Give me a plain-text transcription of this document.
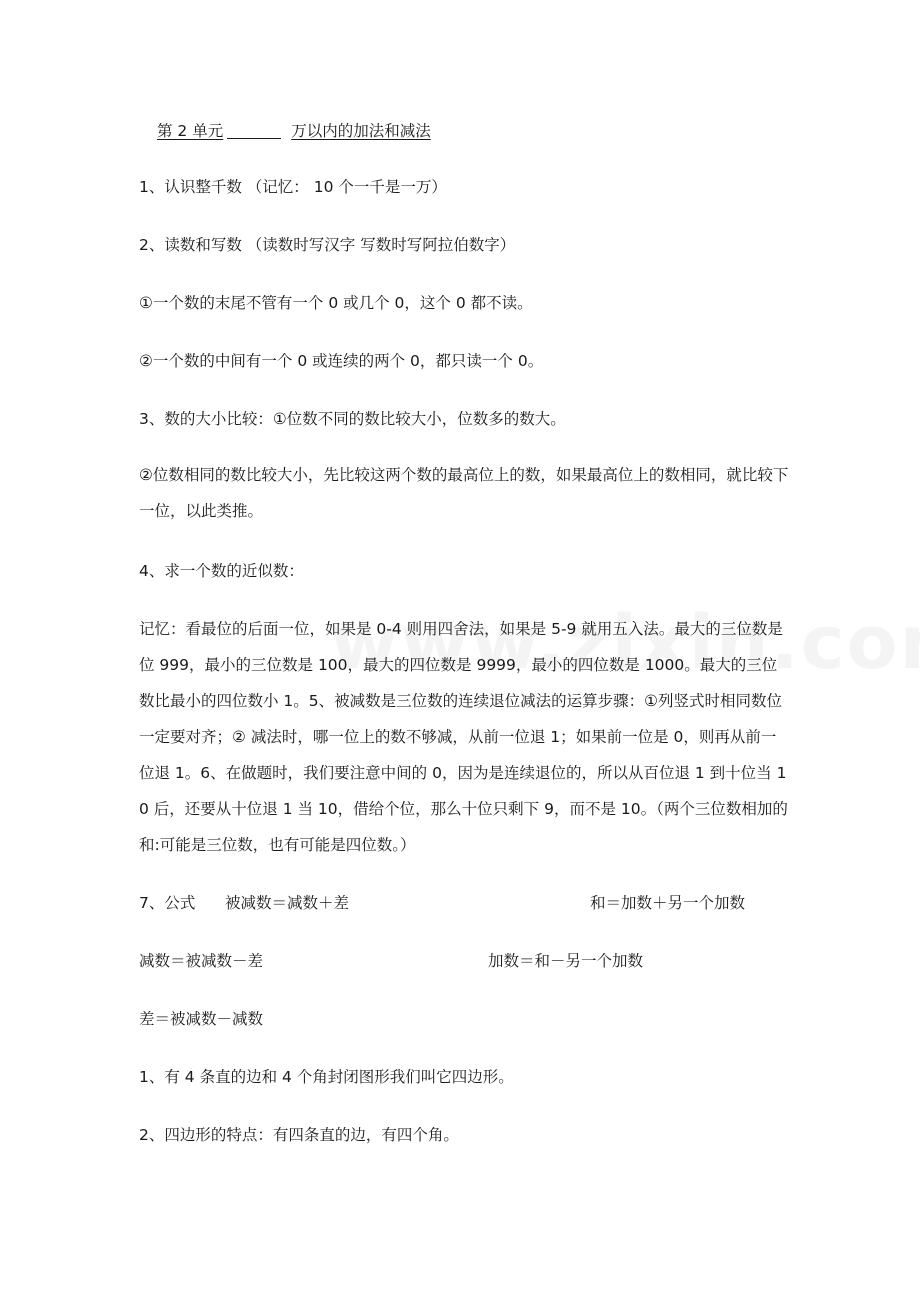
第 2 单元	万以内的加法和减法
1、认识整千数 （记忆： 10 个一千是一万）
2、读数和写数 （读数时写汉字 写数时写阿拉伯数字）
①一个数的末尾不管有一个 0 或几个 0，这个 0 都不读。
②一个数的中间有一个 0 或连续的两个 0，都只读一个 0。
3、数的大小比较：①位数不同的数比较大小，位数多的数大。
②位数相同的数比较大小，先比较这两个数的最高位上的数，如果最高位上的数相同，就比较下一位，以此类推。
4、求一个数的近似数：
记忆：看最位的后面一位，如果是 0-4 则用四舍法，如果是 5-9 就用五入法。最大的三位数是位 999，最小的三位数是 100，最大的四位数是 9999，最小的四位数是 1000。最大的三位数比最小的四位数小 1。5、被减数是三位数的连续退位减法的运算步骤：①列竖式时相同数位一定要对齐；② 减法时，哪一位上的数不够减，从前一位退 1；如果前一位是 0，则再从前一位退 1。6、在做题时，我们要注意中间的 0，因为是连续退位的，所以从百位退 1 到十位当 10 后，还要从十位退 1 当 10，借给个位，那么十位只剩下 9，而不是 10。（两个三位数相加的和:可能是三位数，也有可能是四位数。）
7、公式 被减数＝减数＋差	和＝加数＋另一个加数
减数＝被减数－差	加数＝和－另一个加数
差＝被减数－减数
1、有 4 条直的边和 4 个角封闭图形我们叫它四边形。
2、四边形的特点：有四条直的边，有四个角。
